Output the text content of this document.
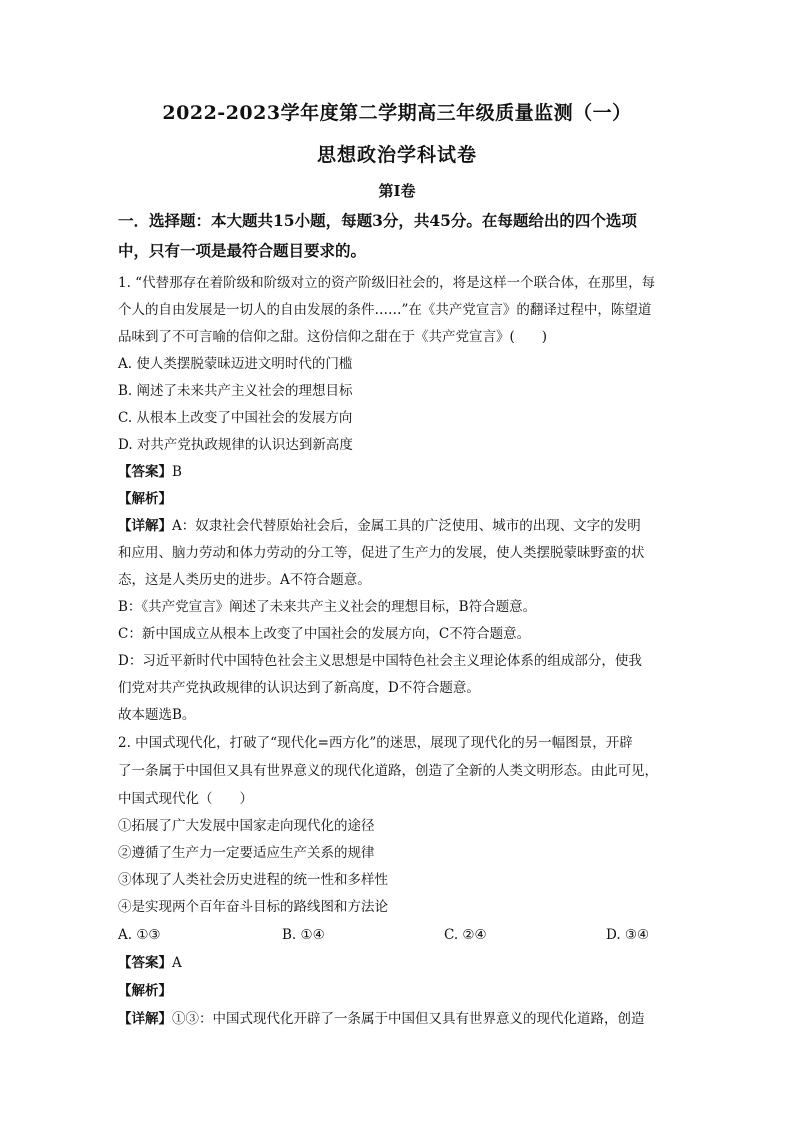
2022-2023学年度第二学期高三年级质量监测（一）
思想政治学科试卷
第Ⅰ卷
一．选择题：本大题共15小题，每题3分，共45分。在每题给出的四个选项
中，只有一项是最符合题目要求的。
1. “代替那存在着阶级和阶级对立的资产阶级旧社会的，将是这样一个联合体，在那里，每
个人的自由发展是一切人的自由发展的条件……”在《共产党宣言》的翻译过程中，陈望道
品味到了不可言喻的信仰之甜。这份信仰之甜在于《共产党宣言》(　　)
A. 使人类摆脱蒙昧迈进文明时代的门槛
B. 阐述了未来共产主义社会的理想目标
C. 从根本上改变了中国社会的发展方向
D. 对共产党执政规律的认识达到新高度
【答案】B
【解析】
【详解】A：奴隶社会代替原始社会后，金属工具的广泛使用、城市的出现、文字的发明
和应用、脑力劳动和体力劳动的分工等，促进了生产力的发展，使人类摆脱蒙昧野蛮的状
态，这是人类历史的进步。A不符合题意。
B：《共产党宣言》阐述了未来共产主义社会的理想目标，B符合题意。
C：新中国成立从根本上改变了中国社会的发展方向，C不符合题意。
D：习近平新时代中国特色社会主义思想是中国特色社会主义理论体系的组成部分，使我
们党对共产党执政规律的认识达到了新高度，D不符合题意。
故本题选B。
2. 中国式现代化，打破了“现代化=西方化”的迷思，展现了现代化的另一幅图景，开辟
了一条属于中国但又具有世界意义的现代化道路，创造了全新的人类文明形态。由此可见，
中国式现代化（　　）
①拓展了广大发展中国家走向现代化的途径
②遵循了生产力一定要适应生产关系的规律
③体现了人类社会历史进程的统一性和多样性
④是实现两个百年奋斗目标的路线图和方法论
A. ①③	B. ①④	C. ②④	D. ③④
【答案】A
【解析】
【详解】①③：中国式现代化开辟了一条属于中国但又具有世界意义的现代化道路，创造
